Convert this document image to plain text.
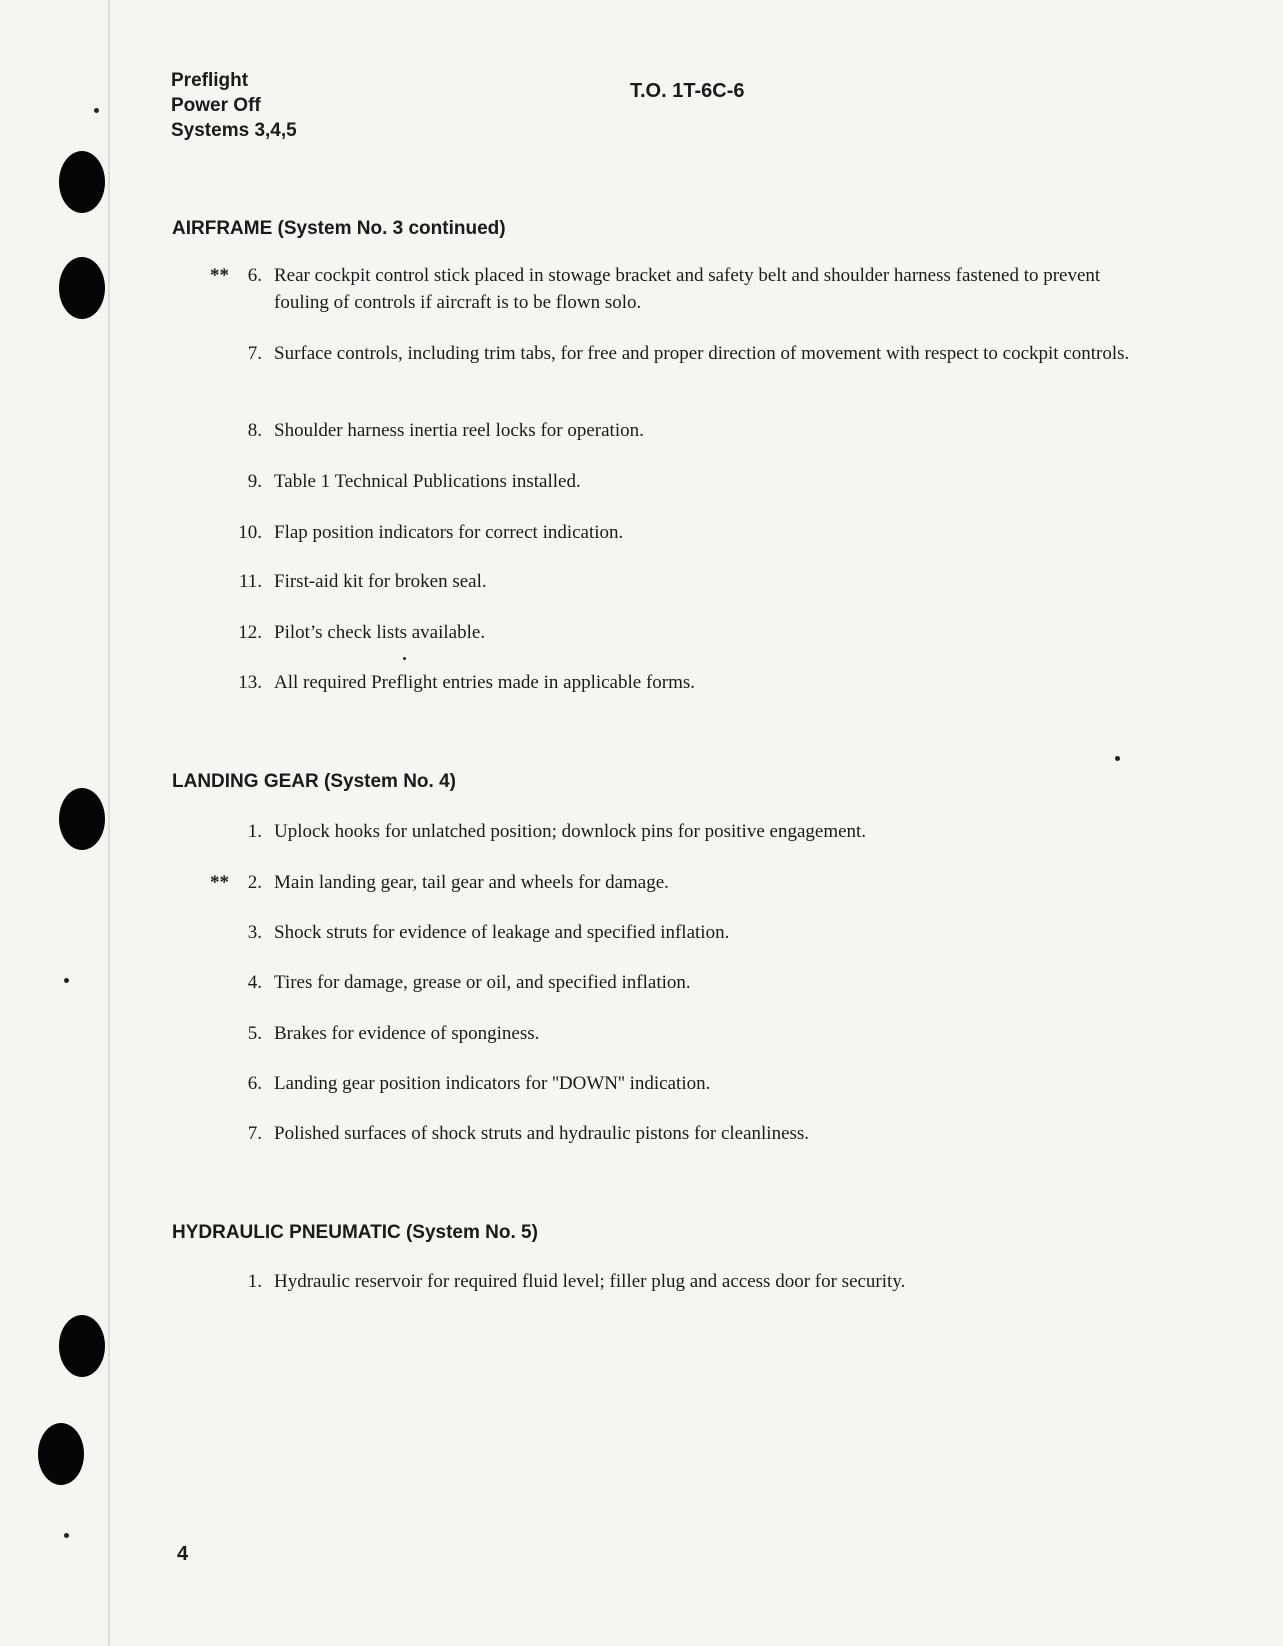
Preflight
Power Off
Systems 3,4,5
T.O. 1T-6C-6
AIRFRAME (System No. 3 continued)
** 6. Rear cockpit control stick placed in stowage bracket and safety belt and shoulder harness fastened to prevent fouling of controls if aircraft is to be flown solo.
7. Surface controls, including trim tabs, for free and proper direction of movement with respect to cockpit controls.
8. Shoulder harness inertia reel locks for operation.
9. Table 1 Technical Publications installed.
10. Flap position indicators for correct indication.
11. First-aid kit for broken seal.
12. Pilot’s check lists available.
13. All required Preflight entries made in applicable forms.
LANDING GEAR (System No. 4)
1. Uplock hooks for unlatched position; downlock pins for positive engagement.
** 2. Main landing gear, tail gear and wheels for damage.
3. Shock struts for evidence of leakage and specified inflation.
4. Tires for damage, grease or oil, and specified inflation.
5. Brakes for evidence of sponginess.
6. Landing gear position indicators for ''DOWN'' indication.
7. Polished surfaces of shock struts and hydraulic pistons for cleanliness.
HYDRAULIC PNEUMATIC (System No. 5)
1. Hydraulic reservoir for required fluid level; filler plug and access door for security.
4
